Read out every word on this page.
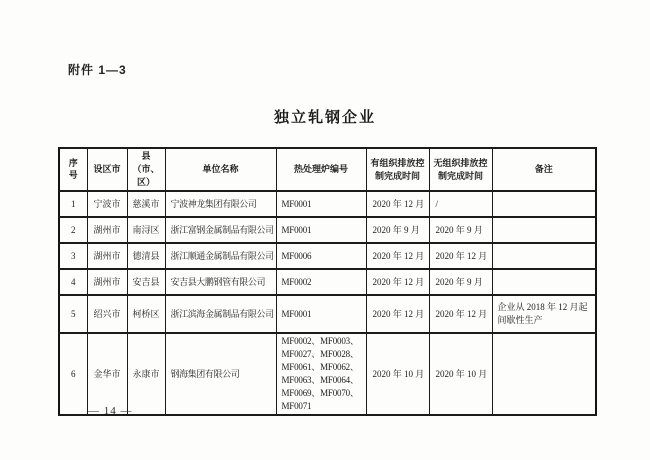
附件 1—3
独立轧钢企业
序号	设区市	县（市、区）	单位名称	热处理炉编号	有组织排放控制完成时间	无组织排放控制完成时间	备注
1	宁波市	慈溪市	宁波神龙集团有限公司	MF0001	2020 年 12 月	/	
2	湖州市	南浔区	浙江富钢金属制品有限公司	MF0001	2020 年 9 月	2020 年 9 月	
3	湖州市	德清县	浙江顺通金属制品有限公司	MF0006	2020 年 12 月	2020 年 12 月	
4	湖州市	安吉县	安吉县大鹏钢管有限公司	MF0002	2020 年 12 月	2020 年 9 月	
5	绍兴市	柯桥区	浙江滨海金属制品有限公司	MF0001	2020 年 12 月	2020 年 12 月	企业从 2018 年 12 月起间歇性生产
6	金华市	永康市	钢海集团有限公司	MF0002、MF0003、MF0027、MF0028、MF0061、MF0062、MF0063、MF0064、MF0069、MF0070、MF0071	2020 年 10 月	2020 年 10 月	
— 14 —
